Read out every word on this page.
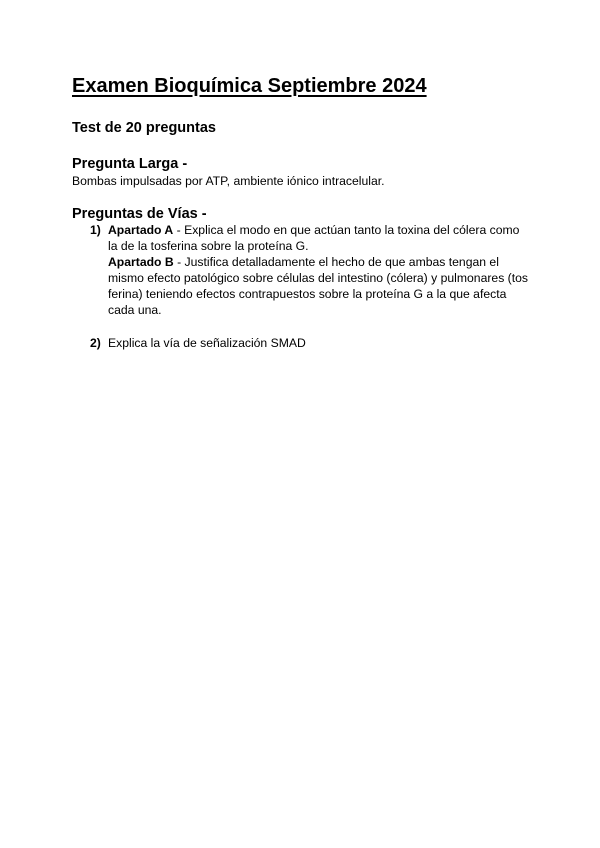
Examen Bioquímica Septiembre 2024
Test de 20 preguntas
Pregunta Larga -

Bombas impulsadas por ATP, ambiente iónico intracelular.

Preguntas de Vías -
1) Apartado A - Explica el modo en que actúan tanto la toxina del cólera como la de la tosferina sobre la proteína G.

Apartado B - Justifica detalladamente el hecho de que ambas tengan el mismo efecto patológico sobre células del intestino (cólera) y pulmonares (tos ferina) teniendo efectos contrapuestos sobre la proteína G a la que afecta cada una.

2) Explica la vía de señalización SMAD
